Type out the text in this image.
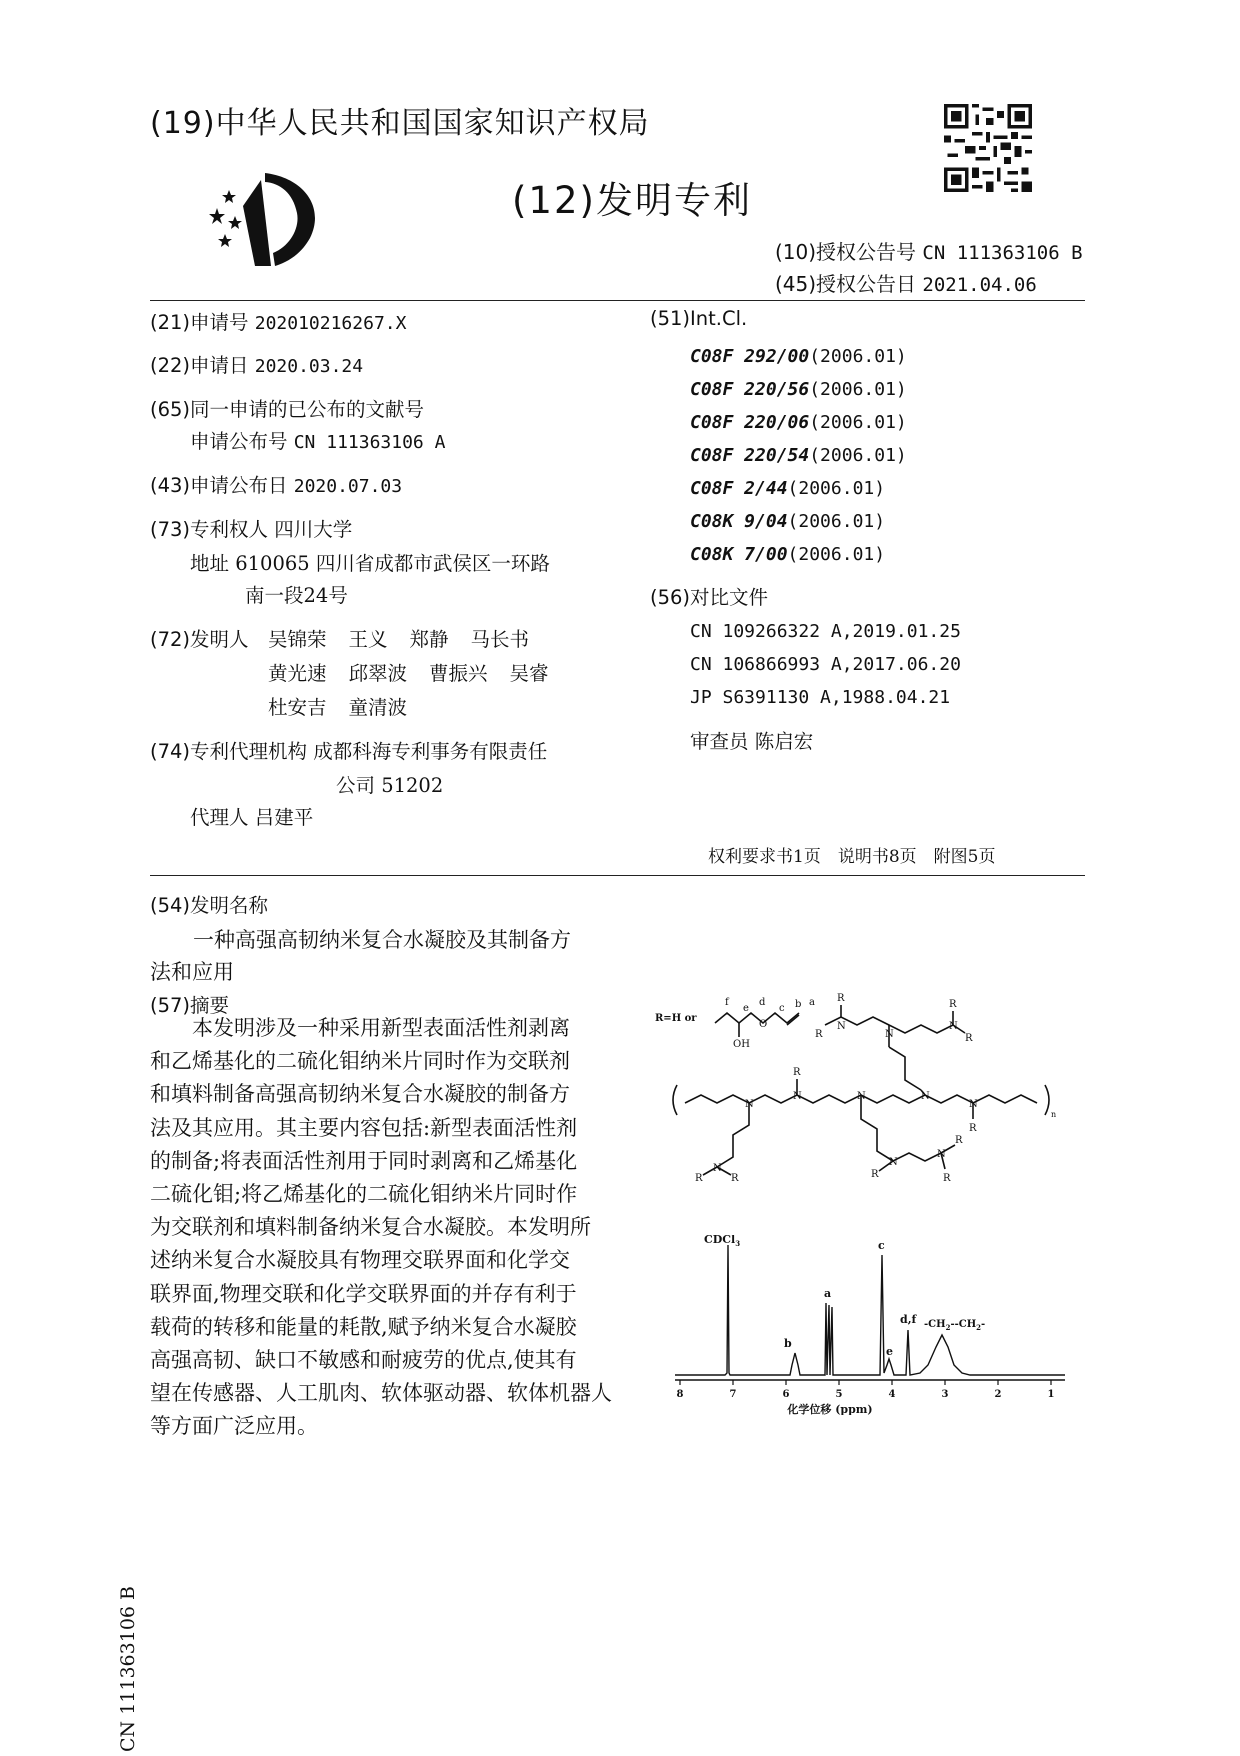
(19)中华人民共和国国家知识产权局
(12)发明专利
(10)授权公告号 CN 111363106 B
(45)授权公告日 2021.04.06
(21)申请号 202010216267.X
(22)申请日 2020.03.24
(65)同一申请的已公布的文献号
申请公布号 CN 111363106 A
(43)申请公布日 2020.07.03
(73)专利权人 四川大学
地址 610065 四川省成都市武侯区一环路
南一段24号
(72)发明人 吴锦荣 王义 郑静 马长书
黄光速 邱翠波 曹振兴 吴睿
杜安吉 童清波
(74)专利代理机构 成都科海专利事务有限责任
公司 51202
代理人 吕建平
(51)Int.Cl.
C08F 292/00(2006.01)
C08F 220/56(2006.01)
C08F 220/06(2006.01)
C08F 220/54(2006.01)
C08F 2/44(2006.01)
C08K 9/04(2006.01)
C08K 7/00(2006.01)
(56)对比文件
CN 109266322 A,2019.01.25
CN 106866993 A,2017.06.20
JP S6391130 A,1988.04.21
审查员 陈启宏
权利要求书1页　说明书8页　附图5页
(54)发明名称
一种高强高韧纳米复合水凝胶及其制备方
法和应用
(57)摘要
　　本发明涉及一种采用新型表面活性剂剥离
和乙烯基化的二硫化钼纳米片同时作为交联剂
和填料制备高强高韧纳米复合水凝胶的制备方
法及其应用。其主要内容包括:新型表面活性剂
的制备;将表面活性剂用于同时剥离和乙烯基化
二硫化钼;将乙烯基化的二硫化钼纳米片同时作
为交联剂和填料制备纳米复合水凝胶。本发明所
述纳米复合水凝胶具有物理交联界面和化学交
联界面,物理交联和化学交联界面的并存有利于
载荷的转移和能量的耗散,赋予纳米复合水凝胶
高强高韧、缺口不敏感和耐疲劳的优点,使其有
望在传感器、人工肌肉、软体驱动器、软体机器人
等方面广泛应用。
R=H or
f
e
d
c b a
OH
O	N
R
R	N
N
R
R
N
N
R
N	N
N
R
n
N
R	R
N
R
N
R
R
CDCl$_3$
b
a
c
e
d,f $-CH_2--CH_2-$
8	7	6	5	4	3	2	1
化学位移 (ppm)
CN 111363106 B
